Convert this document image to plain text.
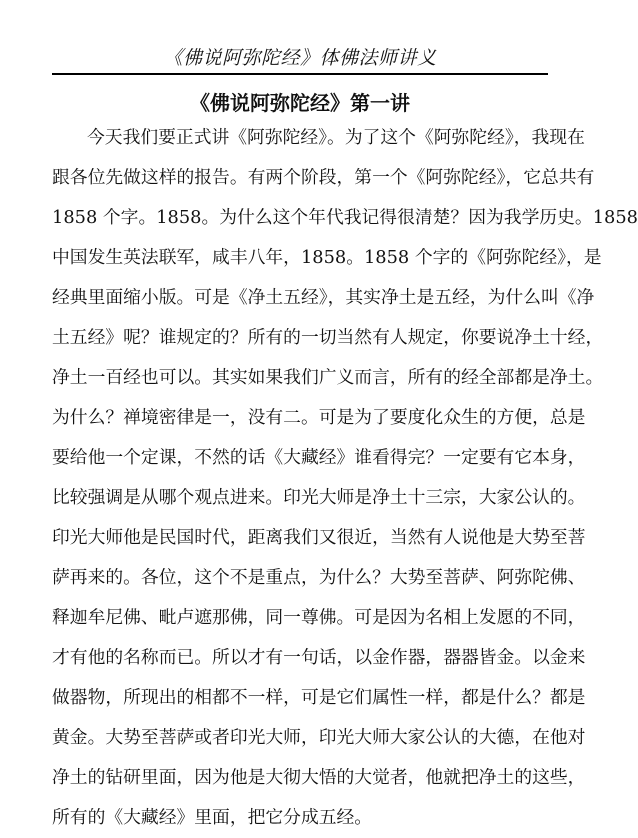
《佛说阿弥陀经》体佛法师讲义
《佛说阿弥陀经》第一讲
今天我们要正式讲《阿弥陀经》。为了这个《阿弥陀经》，我现在
跟各位先做这样的报告。有两个阶段，第一个《阿弥陀经》，它总共有
1858 个字。1858。为什么这个年代我记得很清楚？因为我学历史。1858
中国发生英法联军，咸丰八年，1858。1858 个字的《阿弥陀经》，是
经典里面缩小版。可是《净土五经》，其实净土是五经，为什么叫《净
土五经》呢？谁规定的？所有的一切当然有人规定，你要说净土十经，
净土一百经也可以。其实如果我们广义而言，所有的经全部都是净土。
为什么？禅境密律是一，没有二。可是为了要度化众生的方便，总是
要给他一个定课，不然的话《大藏经》谁看得完？一定要有它本身，
比较强调是从哪个观点进来。印光大师是净土十三宗，大家公认的。
印光大师他是民国时代，距离我们又很近，当然有人说他是大势至菩
萨再来的。各位，这个不是重点，为什么？大势至菩萨、阿弥陀佛、
释迦牟尼佛、毗卢遮那佛，同一尊佛。可是因为名相上发愿的不同，
才有他的名称而已。所以才有一句话，以金作器，器器皆金。以金来
做器物，所现出的相都不一样，可是它们属性一样，都是什么？都是
黄金。大势至菩萨或者印光大师，印光大师大家公认的大德，在他对
净土的钻研里面，因为他是大彻大悟的大觉者，他就把净土的这些，
所有的《大藏经》里面，把它分成五经。
